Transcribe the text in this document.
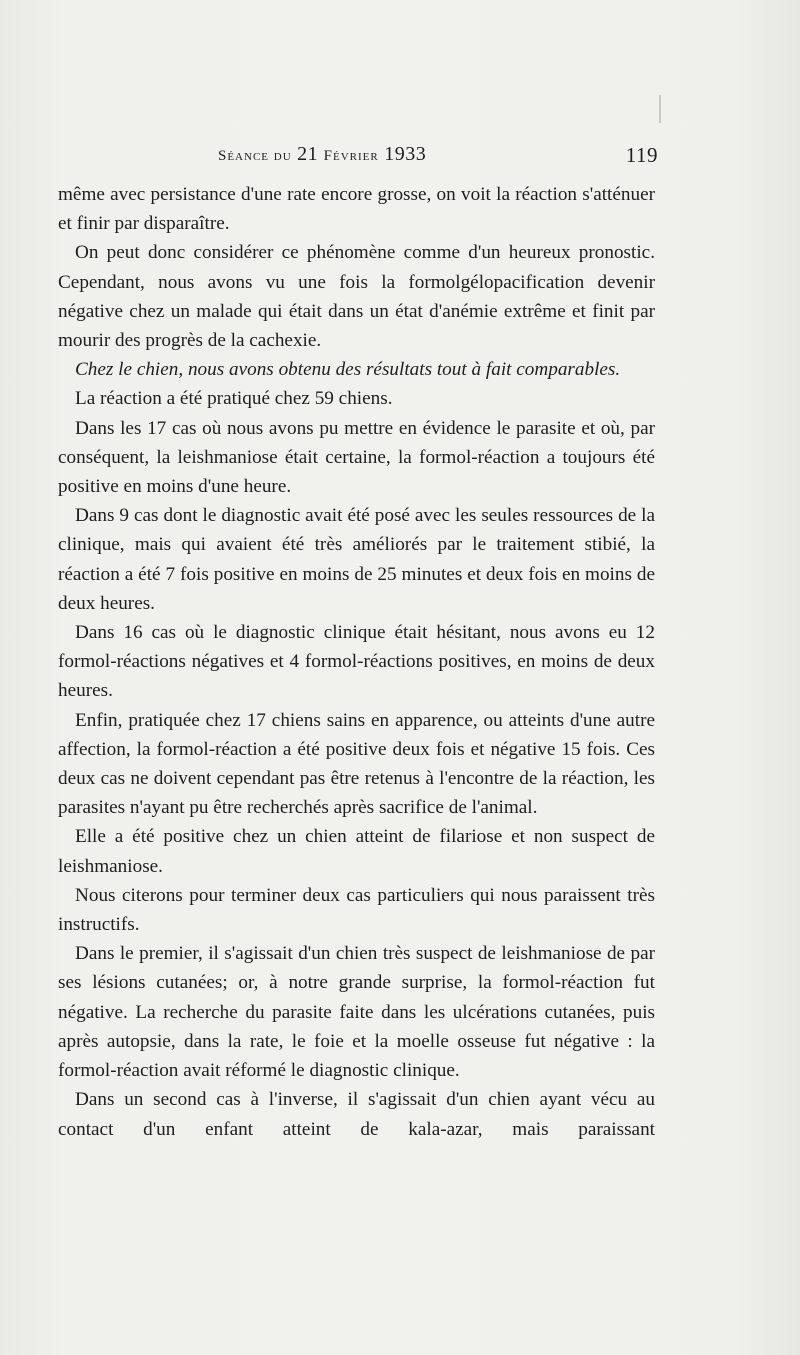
Séance du 21 Février 1933	119

même avec persistance d'une rate encore grosse, on voit la réaction s'atténuer et finir par disparaître.

On peut donc considérer ce phénomène comme d'un heureux pronostic. Cependant, nous avons vu une fois la formolgélopacification devenir négative chez un malade qui était dans un état d'anémie extrême et finit par mourir des progrès de la cachexie.

Chez le chien, nous avons obtenu des résultats tout à fait comparables.

La réaction a été pratiqué chez 59 chiens.

Dans les 17 cas où nous avons pu mettre en évidence le parasite et où, par conséquent, la leishmaniose était certaine, la formol-réaction a toujours été positive en moins d'une heure.

Dans 9 cas dont le diagnostic avait été posé avec les seules ressources de la clinique, mais qui avaient été très améliorés par le traitement stibié, la réaction a été 7 fois positive en moins de 25 minutes et deux fois en moins de deux heures.

Dans 16 cas où le diagnostic clinique était hésitant, nous avons eu 12 formol-réactions négatives et 4 formol-réactions positives, en moins de deux heures.

Enfin, pratiquée chez 17 chiens sains en apparence, ou atteints d'une autre affection, la formol-réaction a été positive deux fois et négative 15 fois. Ces deux cas ne doivent cependant pas être retenus à l'encontre de la réaction, les parasites n'ayant pu être recherchés après sacrifice de l'animal.

Elle a été positive chez un chien atteint de filariose et non suspect de leishmaniose.

Nous citerons pour terminer deux cas particuliers qui nous paraissent très instructifs.

Dans le premier, il s'agissait d'un chien très suspect de leishmaniose de par ses lésions cutanées; or, à notre grande surprise, la formol-réaction fut négative. La recherche du parasite faite dans les ulcérations cutanées, puis après autopsie, dans la rate, le foie et la moelle osseuse fut négative : la formol-réaction avait réformé le diagnostic clinique.

Dans un second cas à l'inverse, il s'agissait d'un chien ayant vécu au contact d'un enfant atteint de kala-azar, mais paraissant
